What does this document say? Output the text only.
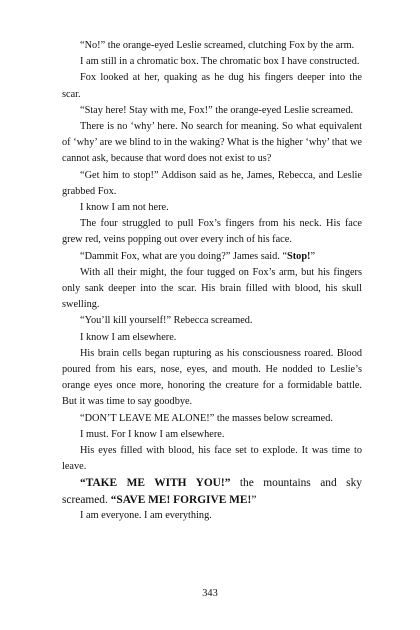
“No!” the orange-eyed Leslie screamed, clutching Fox by the arm.

I am still in a chromatic box. The chromatic box I have constructed.

Fox looked at her, quaking as he dug his fingers deeper into the scar.

“Stay here! Stay with me, Fox!” the orange-eyed Leslie screamed.

There is no ‘why’ here. No search for meaning. So what equivalent of ‘why’ are we blind to in the waking? What is the higher ‘why’ that we cannot ask, because that word does not exist to us?

“Get him to stop!” Addison said as he, James, Rebecca, and Leslie grabbed Fox.

I know I am not here.

The four struggled to pull Fox’s fingers from his neck. His face grew red, veins popping out over every inch of his face.

“Dammit Fox, what are you doing?” James said. “Stop!”

With all their might, the four tugged on Fox’s arm, but his fingers only sank deeper into the scar. His brain filled with blood, his skull swelling.

“You’ll kill yourself!” Rebecca screamed.

I know I am elsewhere.

His brain cells began rupturing as his consciousness roared. Blood poured from his ears, nose, eyes, and mouth. He nodded to Leslie’s orange eyes once more, honoring the creature for a formidable battle. But it was time to say goodbye.

“DON’T LEAVE ME ALONE!” the masses below screamed.

I must. For I know I am elsewhere.

His eyes filled with blood, his face set to explode. It was time to leave.

“TAKE ME WITH YOU!” the mountains and sky screamed. “SAVE ME! FORGIVE ME!”

I am everyone. I am everything.

343
